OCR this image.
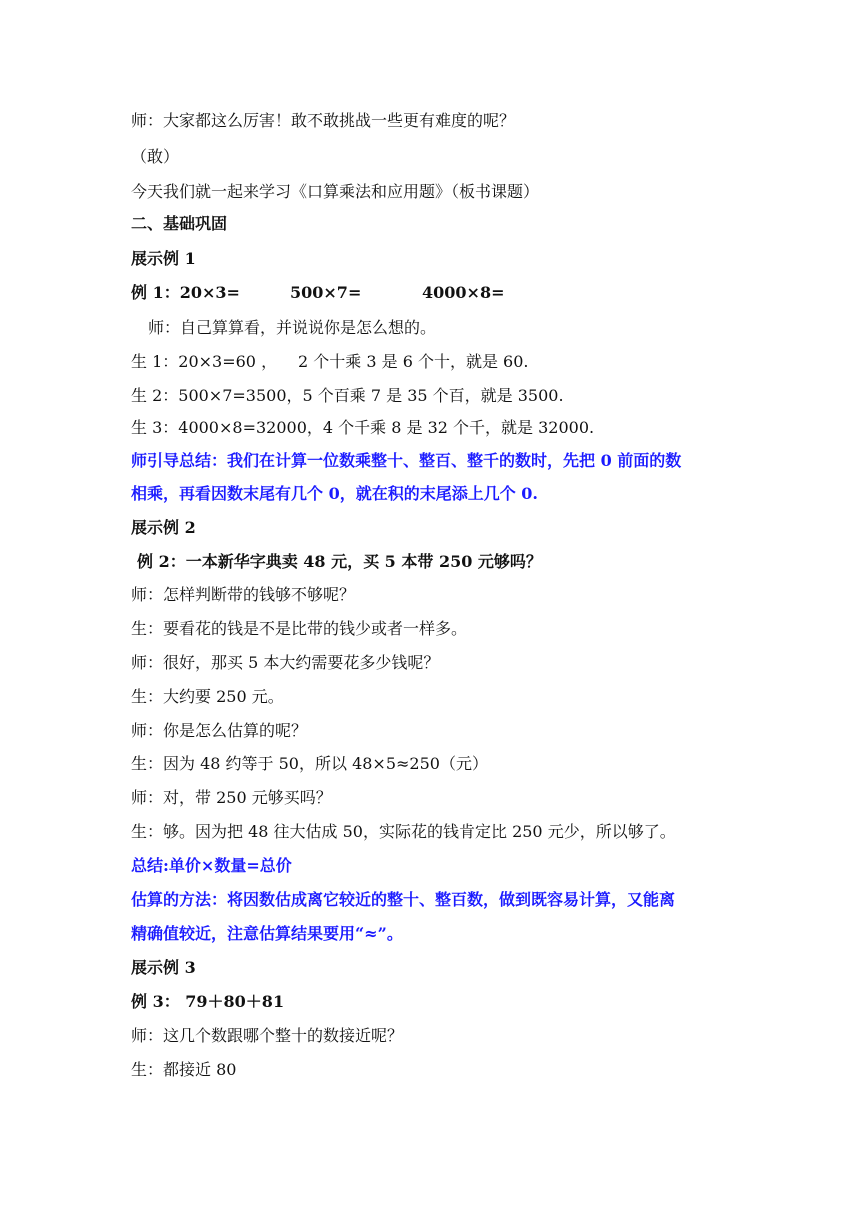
师：大家都这么厉害！敢不敢挑战一些更有难度的呢？
（敢）
今天我们就一起来学习《口算乘法和应用题》（板书课题）
二、基础巩固
展示例 1
例 1：20×3=	500×7=	4000×8=
师：自己算算看，并说说你是怎么想的。
生 1：20×3=60 ， 2 个十乘 3 是 6 个十，就是 60.
生 2：500×7=3500，5 个百乘 7 是 35 个百，就是 3500.
生 3：4000×8=32000，4 个千乘 8 是 32 个千，就是 32000.
师引导总结：我们在计算一位数乘整十、整百、整千的数时，先把 0 前面的数
相乘，再看因数末尾有几个 0，就在积的末尾添上几个 0.
展示例 2
例 2：一本新华字典卖 48 元，买 5 本带 250 元够吗？
师：怎样判断带的钱够不够呢？
生：要看花的钱是不是比带的钱少或者一样多。
师：很好，那买 5 本大约需要花多少钱呢？
生：大约要 250 元。
师：你是怎么估算的呢？
生：因为 48 约等于 50，所以 48×5≈250（元）
师：对，带 250 元够买吗？
生：够。因为把 48 往大估成 50，实际花的钱肯定比 250 元少，所以够了。
总结:单价×数量=总价
估算的方法：将因数估成离它较近的整十、整百数，做到既容易计算，又能离
精确值较近，注意估算结果要用“≈”。
展示例 3
例 3： 79＋80＋81
师：这几个数跟哪个整十的数接近呢？
生：都接近 80
